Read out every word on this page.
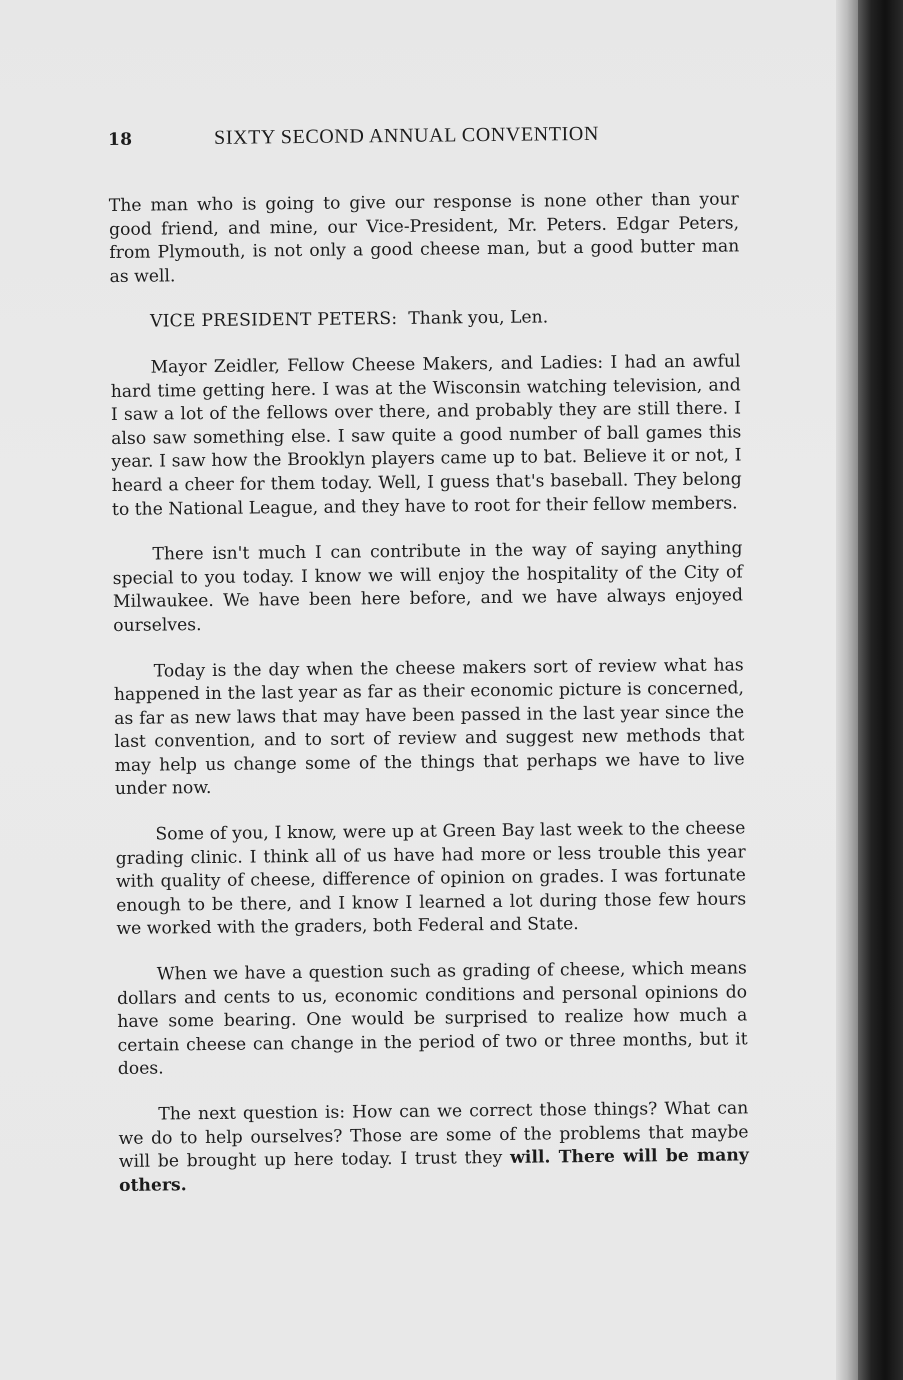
18	SIXTY SECOND ANNUAL CONVENTION

The man who is going to give our response is none other than your good friend, and mine, our Vice-President, Mr. Peters. Edgar Peters, from Plymouth, is not only a good cheese man, but a good butter man as well.

VICE PRESIDENT PETERS: Thank you, Len.

Mayor Zeidler, Fellow Cheese Makers, and Ladies: I had an awful hard time getting here. I was at the Wisconsin watching television, and I saw a lot of the fellows over there, and probably they are still there. I also saw something else. I saw quite a good number of ball games this year. I saw how the Brooklyn players came up to bat. Believe it or not, I heard a cheer for them today. Well, I guess that's baseball. They belong to the National League, and they have to root for their fellow members.

There isn't much I can contribute in the way of saying anything special to you today. I know we will enjoy the hospitality of the City of Milwaukee. We have been here before, and we have always enjoyed ourselves.

Today is the day when the cheese makers sort of review what has happened in the last year as far as their economic picture is concerned, as far as new laws that may have been passed in the last year since the last convention, and to sort of review and suggest new methods that may help us change some of the things that perhaps we have to live under now.

Some of you, I know, were up at Green Bay last week to the cheese grading clinic. I think all of us have had more or less trouble this year with quality of cheese, difference of opinion on grades. I was fortunate enough to be there, and I know I learned a lot during those few hours we worked with the graders, both Federal and State.

When we have a question such as grading of cheese, which means dollars and cents to us, economic conditions and personal opinions do have some bearing. One would be surprised to realize how much a certain cheese can change in the period of two or three months, but it does.

The next question is: How can we correct those things? What can we do to help ourselves? Those are some of the problems that maybe will be brought up here today. I trust they will. There will be many others.
